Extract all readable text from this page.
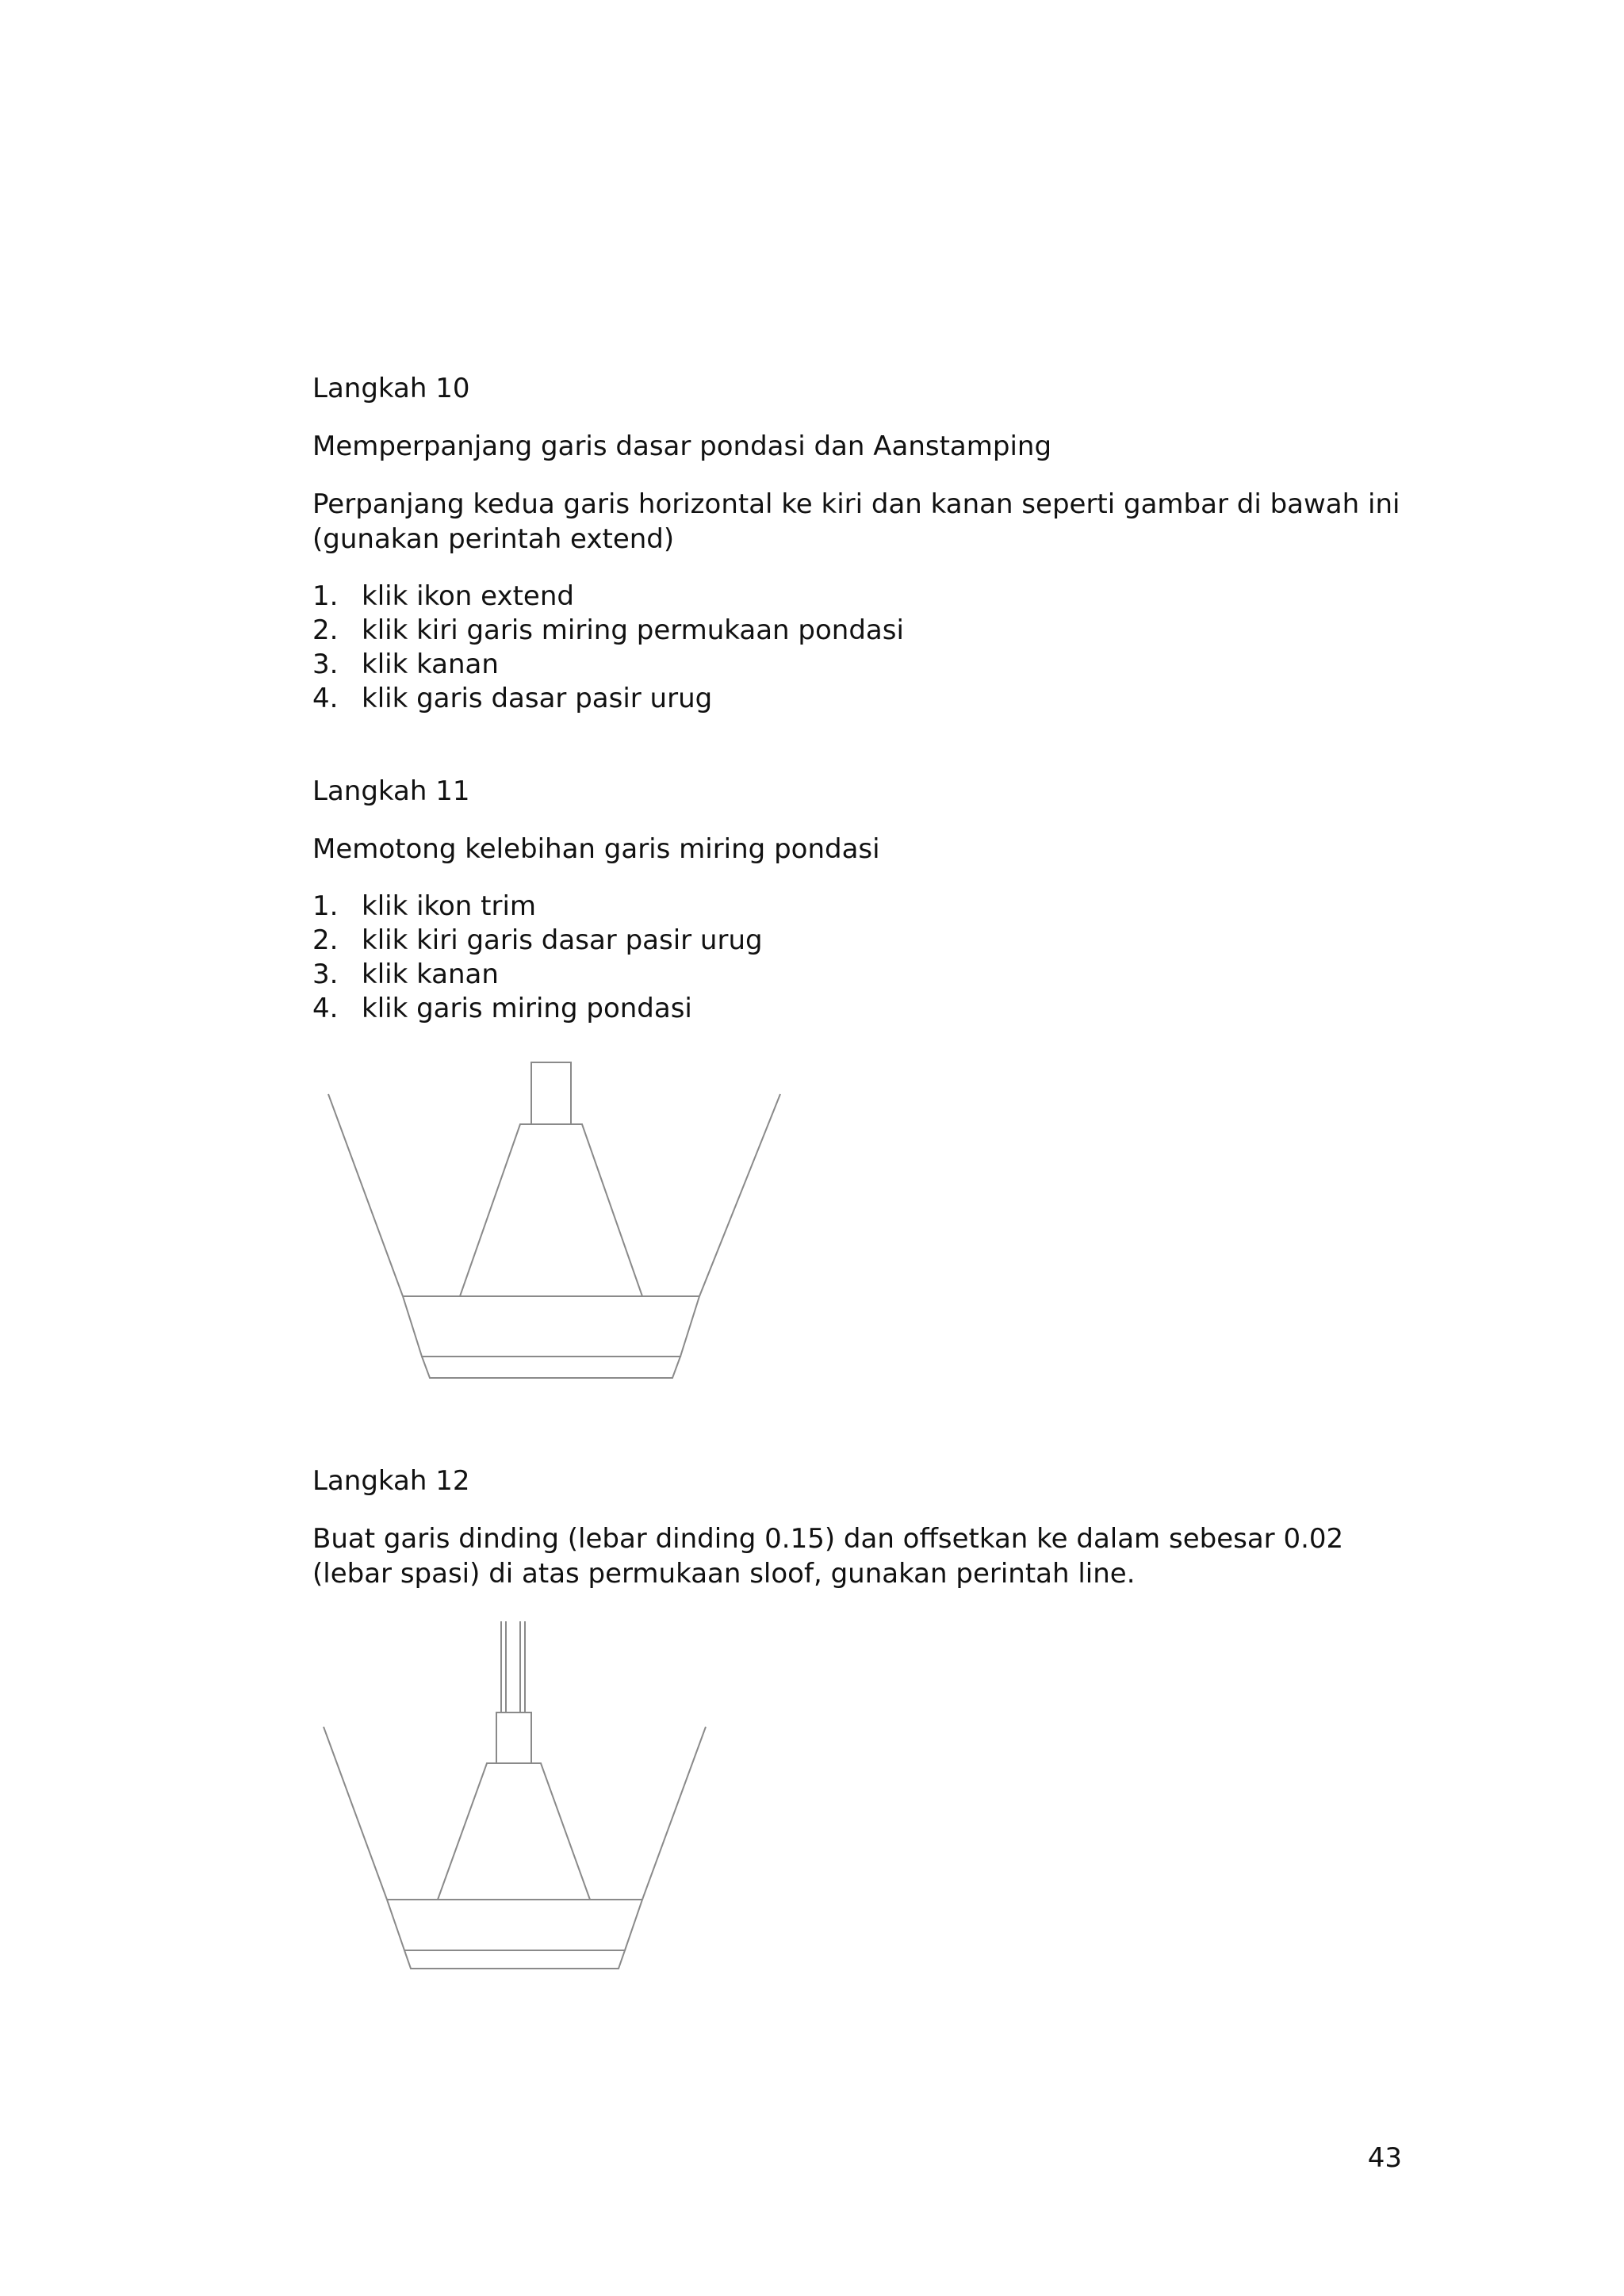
Langkah 10

Memperpanjang garis dasar pondasi dan Aanstamping

Perpanjang kedua garis horizontal ke kiri dan kanan seperti gambar di bawah ini (gunakan perintah extend)

1. klik ikon extend
2. klik kiri garis miring permukaan pondasi
3. klik kanan
4. klik garis dasar pasir urug

Langkah 11

Memotong kelebihan garis miring pondasi

1. klik ikon trim
2. klik kiri garis dasar pasir urug
3. klik kanan
4. klik garis miring pondasi

Langkah 12

Buat garis dinding (lebar dinding 0.15) dan offsetkan ke dalam sebesar 0.02 (lebar spasi) di atas permukaan sloof, gunakan perintah line.

43
